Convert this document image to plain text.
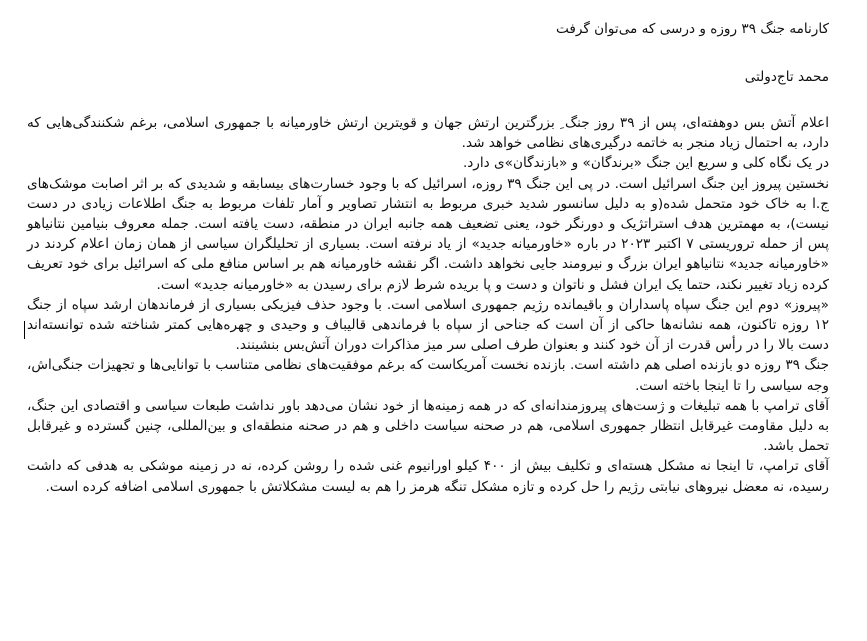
کارنامه جنگ ۳۹ روزه و درسی که می‌توان گرفت
محمد تاج‌دولتی

اعلام آتش بس دوهفته‌ای، پس از ۳۹ روز جنگ ِ بزرگترین ارتش جهان و قویترین ارتش خاورمیانه با جمهوری اسلامی، برغم شکنندگی‌هایی که دارد، به احتمال زیاد منجر به خاتمه درگیری‌های نظامی خواهد شد.

در یک نگاه کلی و سریع این جنگ «برندگان» و «بازندگان»ی دارد.

نخستین پیروز این جنگ اسرائیل است. در پی این جنگ ۳۹ روزه، اسرائیل که با وجود خسارت‌های بیسابقه و شدیدی که بر اثر اصابت موشک‌های ج.ا به خاک خود متحمل شده(و به دلیل سانسور شدید خبری مربوط به انتشار تصاویر و آمار تلفات مربوط به جنگ اطلاعات زیادی در دست نیست)، به مهمترین هدف استراتژیک و دورنگر خود، یعنی تضعیف همه جانبه ایران در منطقه، دست یافته است. جمله معروف بنیامین نتانیاهو پس از حمله تروریستی ۷ اکتبر ۲۰۲۳ در باره «خاورمیانه جدید» از یاد نرفته است. بسیاری از تحلیلگران سیاسی از همان زمان اعلام کردند در «خاورمیانه جدید» نتانیاهو ایران بزرگ و نیرومند جایی نخواهد داشت. اگر نقشه خاورمیانه هم بر اساس منافع ملی که اسرائیل برای خود تعریف کرده زیاد تغییر نکند، حتما یک ایران فشل و ناتوان و دست و پا بریده شرط لازم برای رسیدن به «خاورمیانه جدید» است.

«پیروز» دوم این جنگ سپاه پاسداران و باقیمانده رژیم جمهوری اسلامی است. با وجود حذف فیزیکی بسیاری از فرماندهان ارشد سپاه از جنگ ۱۲ روزه تاکنون، همه نشانه‌ها حاکی از آن است که جناحی از سپاه با فرماندهی قالیباف و وحیدی و چهره‌هایی کمتر شناخته شده توانسته‌اند دست بالا را در رأس قدرت از آن خود کنند و بعنوان طرف اصلی سر میز مذاکرات دوران آتش‌بس بنشینند.

جنگ ۳۹ روزه دو بازنده اصلی هم داشته است. بازنده نخست آمریکاست که برغم موفقیت‌های نظامی متناسب با توانایی‌ها و تجهیزات جنگی‌اش، وجه سیاسی را تا اینجا باخته است.

آقای ترامپ با همه تبلیغات و ژست‌های پیروزمندانه‌ای که در همه زمینه‌ها از خود نشان می‌دهد باور نداشت طبعات سیاسی و اقتصادی این جنگ، به دلیل مقاومت غیرقابل انتظار جمهوری اسلامی، هم در صحنه سیاست داخلی و هم در صحنه منطقه‌ای و بین‌المللی، چنین گسترده و غیرقابل تحمل باشد.

آقای ترامپ، تا اینجا نه مشکل هسته‌ای و تکلیف بیش از ۴۰۰ کیلو اورانیوم غنی شده را روشن کرده، نه در زمینه موشکی به هدفی که داشت رسیده، نه معضل نیروهای نیابتی رژیم را حل کرده و تازه مشکل تنگه هرمز را هم به لیست مشکلاتش با جمهوری اسلامی اضافه کرده است.
